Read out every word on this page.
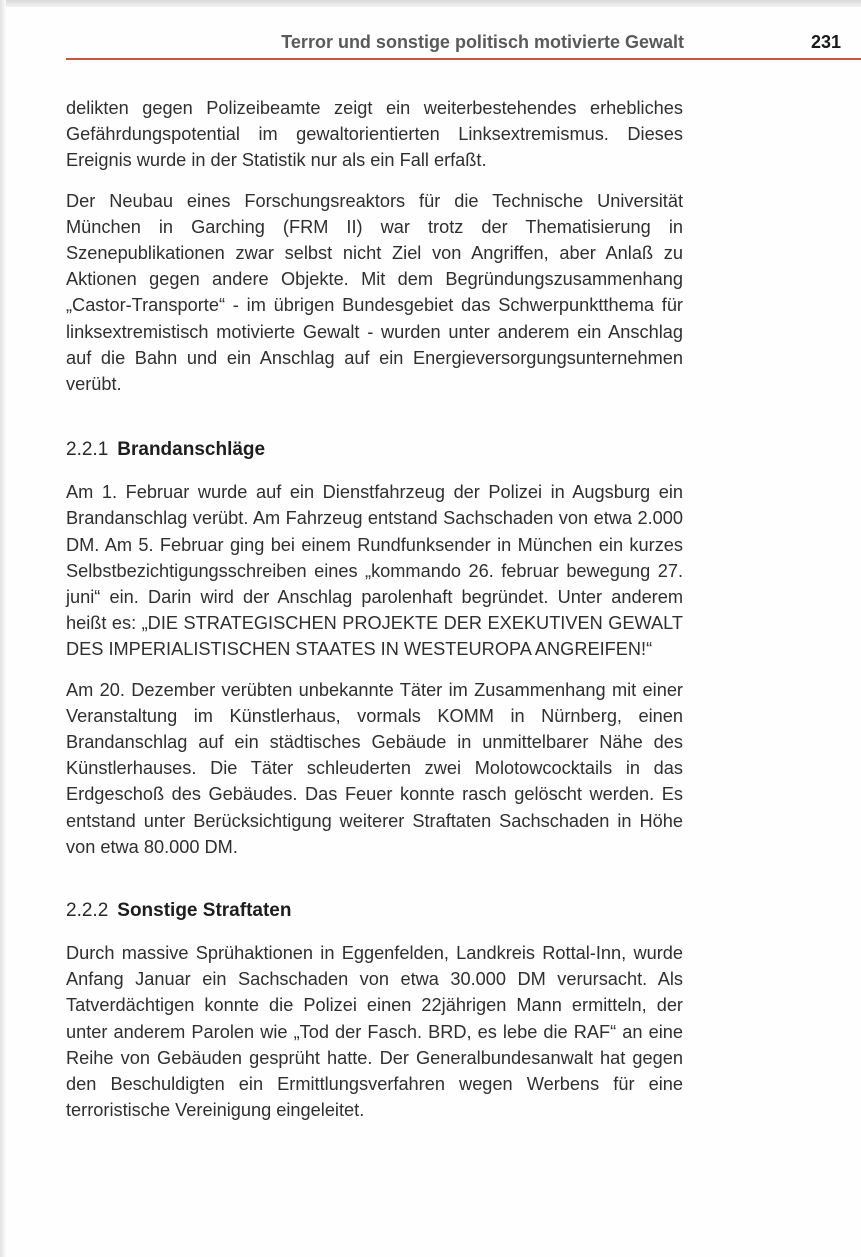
Terror und sonstige politisch motivierte Gewalt	231

delikten gegen Polizeibeamte zeigt ein weiterbestehendes erhebliches Gefährdungspotential im gewaltorientierten Linksextremismus. Dieses Ereignis wurde in der Statistik nur als ein Fall erfaßt.

Der Neubau eines Forschungsreaktors für die Technische Universität München in Garching (FRM II) war trotz der Thematisierung in Szenepublikationen zwar selbst nicht Ziel von Angriffen, aber Anlaß zu Aktionen gegen andere Objekte. Mit dem Begründungszusammenhang „Castor-Transporte“ - im übrigen Bundesgebiet das Schwerpunktthema für linksextremistisch motivierte Gewalt - wurden unter anderem ein Anschlag auf die Bahn und ein Anschlag auf ein Energieversorgungsunternehmen verübt.

2.2.1 Brandanschläge

Am 1. Februar wurde auf ein Dienstfahrzeug der Polizei in Augsburg ein Brandanschlag verübt. Am Fahrzeug entstand Sachschaden von etwa 2.000 DM. Am 5. Februar ging bei einem Rundfunksender in München ein kurzes Selbstbezichtigungsschreiben eines „kommando 26. februar bewegung 27. juni“ ein. Darin wird der Anschlag parolenhaft begründet. Unter anderem heißt es: „DIE STRATEGISCHEN PROJEKTE DER EXEKUTIVEN GEWALT DES IMPERIALISTISCHEN STAATES IN WESTEUROPA ANGREIFEN!“

Am 20. Dezember verübten unbekannte Täter im Zusammenhang mit einer Veranstaltung im Künstlerhaus, vormals KOMM in Nürnberg, einen Brandanschlag auf ein städtisches Gebäude in unmittelbarer Nähe des Künstlerhauses. Die Täter schleuderten zwei Molotowcocktails in das Erdgeschoß des Gebäudes. Das Feuer konnte rasch gelöscht werden. Es entstand unter Berücksichtigung weiterer Straftaten Sachschaden in Höhe von etwa 80.000 DM.

2.2.2 Sonstige Straftaten

Durch massive Sprühaktionen in Eggenfelden, Landkreis Rottal-Inn, wurde Anfang Januar ein Sachschaden von etwa 30.000 DM verursacht. Als Tatverdächtigen konnte die Polizei einen 22jährigen Mann ermitteln, der unter anderem Parolen wie „Tod der Fasch. BRD, es lebe die RAF“ an eine Reihe von Gebäuden gesprüht hatte. Der Generalbundesanwalt hat gegen den Beschuldigten ein Ermittlungsverfahren wegen Werbens für eine terroristische Vereinigung eingeleitet.
